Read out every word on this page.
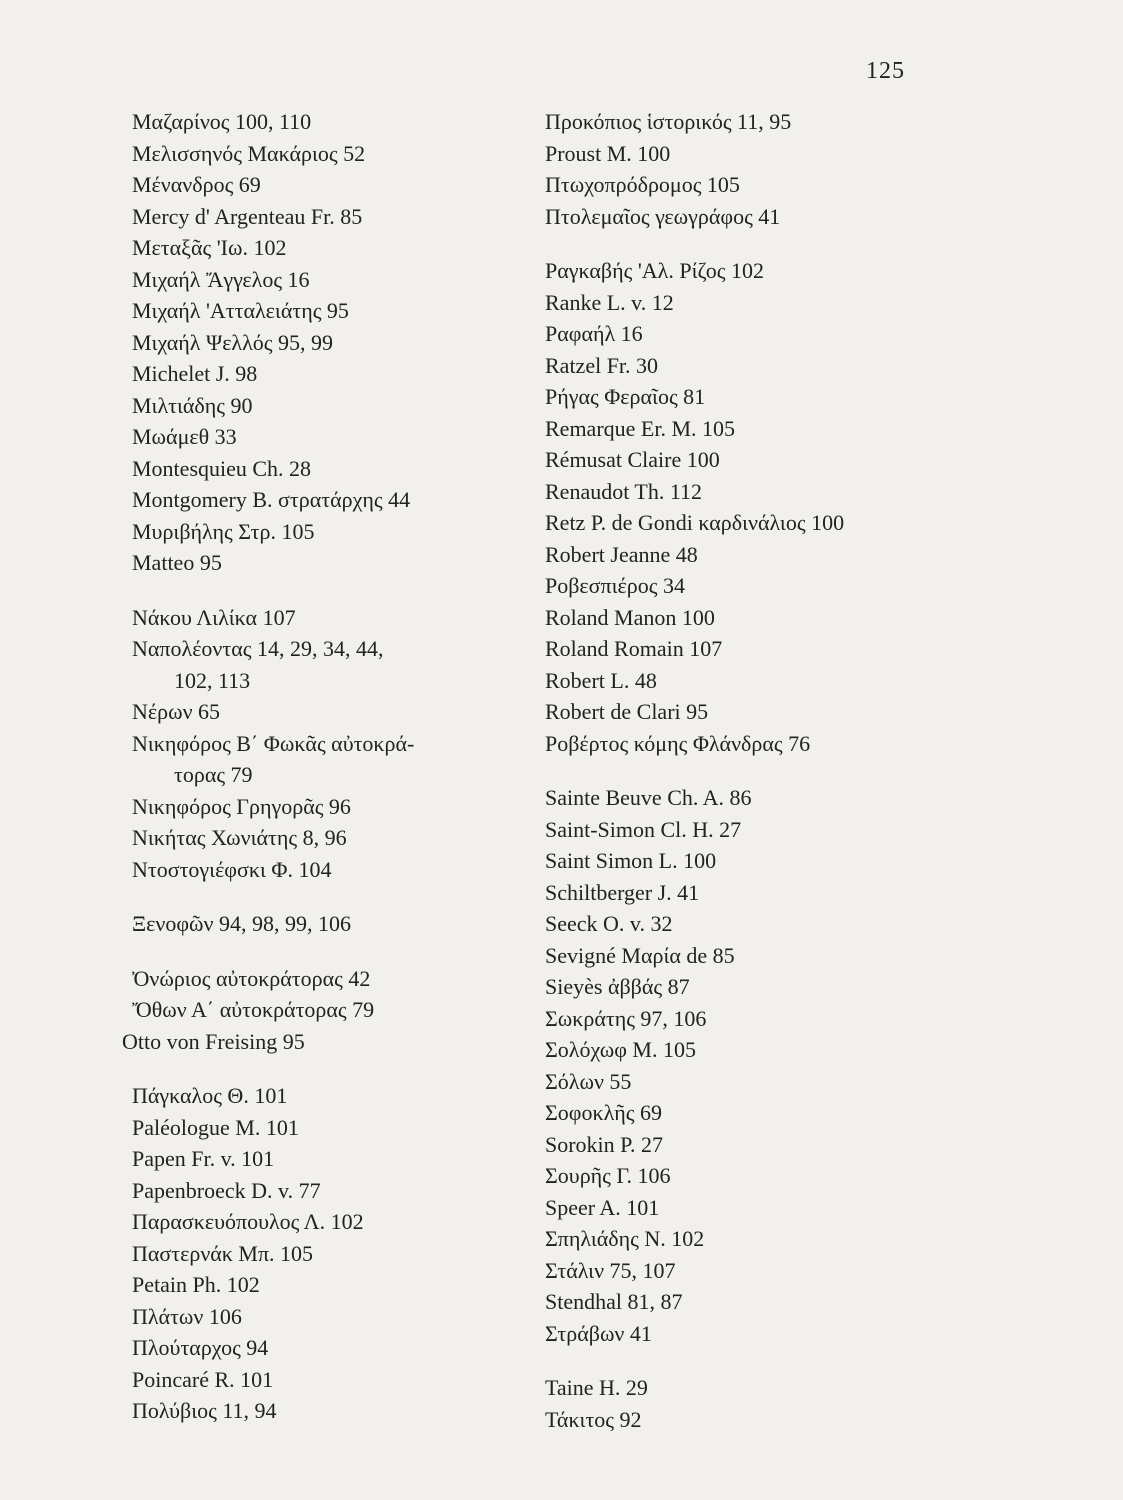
125
Μαζαρίνος 100, 110
Μελισσηνός Μακάριος 52
Μένανδρος 69
Mercy d' Argenteau Fr. 85
Μεταξᾶς 'Ιω. 102
Μιχαήλ Ἄγγελος 16
Μιχαήλ 'Ατταλειάτης 95
Μιχαήλ Ψελλός 95, 99
Michelet J. 98
Μιλτιάδης 90
Μωάμεθ 33
Montesquieu Ch. 28
Montgomery B. στρατάρχης 44
Μυριβήλης Στρ. 105
Matteo 95
Νάκου Λιλίκα 107
Ναπολέοντας 14, 29, 34, 44,
102, 113
Νέρων 65
Νικηφόρος Β΄ Φωκᾶς αὐτοκρά-
τορας 79
Νικηφόρος Γρηγορᾶς 96
Νικήτας Χωνιάτης 8, 96
Ντοστογιέφσκι Φ. 104
Ξενοφῶν 94, 98, 99, 106
Ὀνώριος αὐτοκράτορας 42
Ὄθων Α΄ αὐτοκράτορας 79
Otto von Freising 95
Πάγκαλος Θ. 101
Paléologue M. 101
Papen Fr. v. 101
Papenbroeck D. v. 77
Παρασκευόπουλος Λ. 102
Παστερνάκ Μπ. 105
Petain Ph. 102
Πλάτων 106
Πλούταρχος 94
Poincaré R. 101
Πολύβιος 11, 94
Προκόπιος ἱστορικός 11, 95
Proust M. 100
Πτωχοπρόδρομος 105
Πτολεμαῖος γεωγράφος 41
Ραγκαβής 'Αλ. Ρίζος 102
Ranke L. v. 12
Ραφαήλ 16
Ratzel Fr. 30
Ρήγας Φεραῖος 81
Remarque Er. M. 105
Rémusat Claire 100
Renaudot Th. 112
Retz P. de Gondi καρδινάλιος 100
Robert Jeanne 48
Ροβεσπιέρος 34
Roland Manon 100
Roland Romain 107
Robert L. 48
Robert de Clari 95
Ροβέρτος κόμης Φλάνδρας 76
Sainte Beuve Ch. A. 86
Saint-Simon Cl. H. 27
Saint Simon L. 100
Schiltberger J. 41
Seeck O. v. 32
Sevigné Μαρία de 85
Sieyès ἀββάς 87
Σωκράτης 97, 106
Σολόχωφ Μ. 105
Σόλων 55
Σοφοκλῆς 69
Sorokin P. 27
Σουρῆς Γ. 106
Speer A. 101
Σπηλιάδης Ν. 102
Στάλιν 75, 107
Stendhal 81, 87
Στράβων 41
Taine H. 29
Τάκιτος 92
